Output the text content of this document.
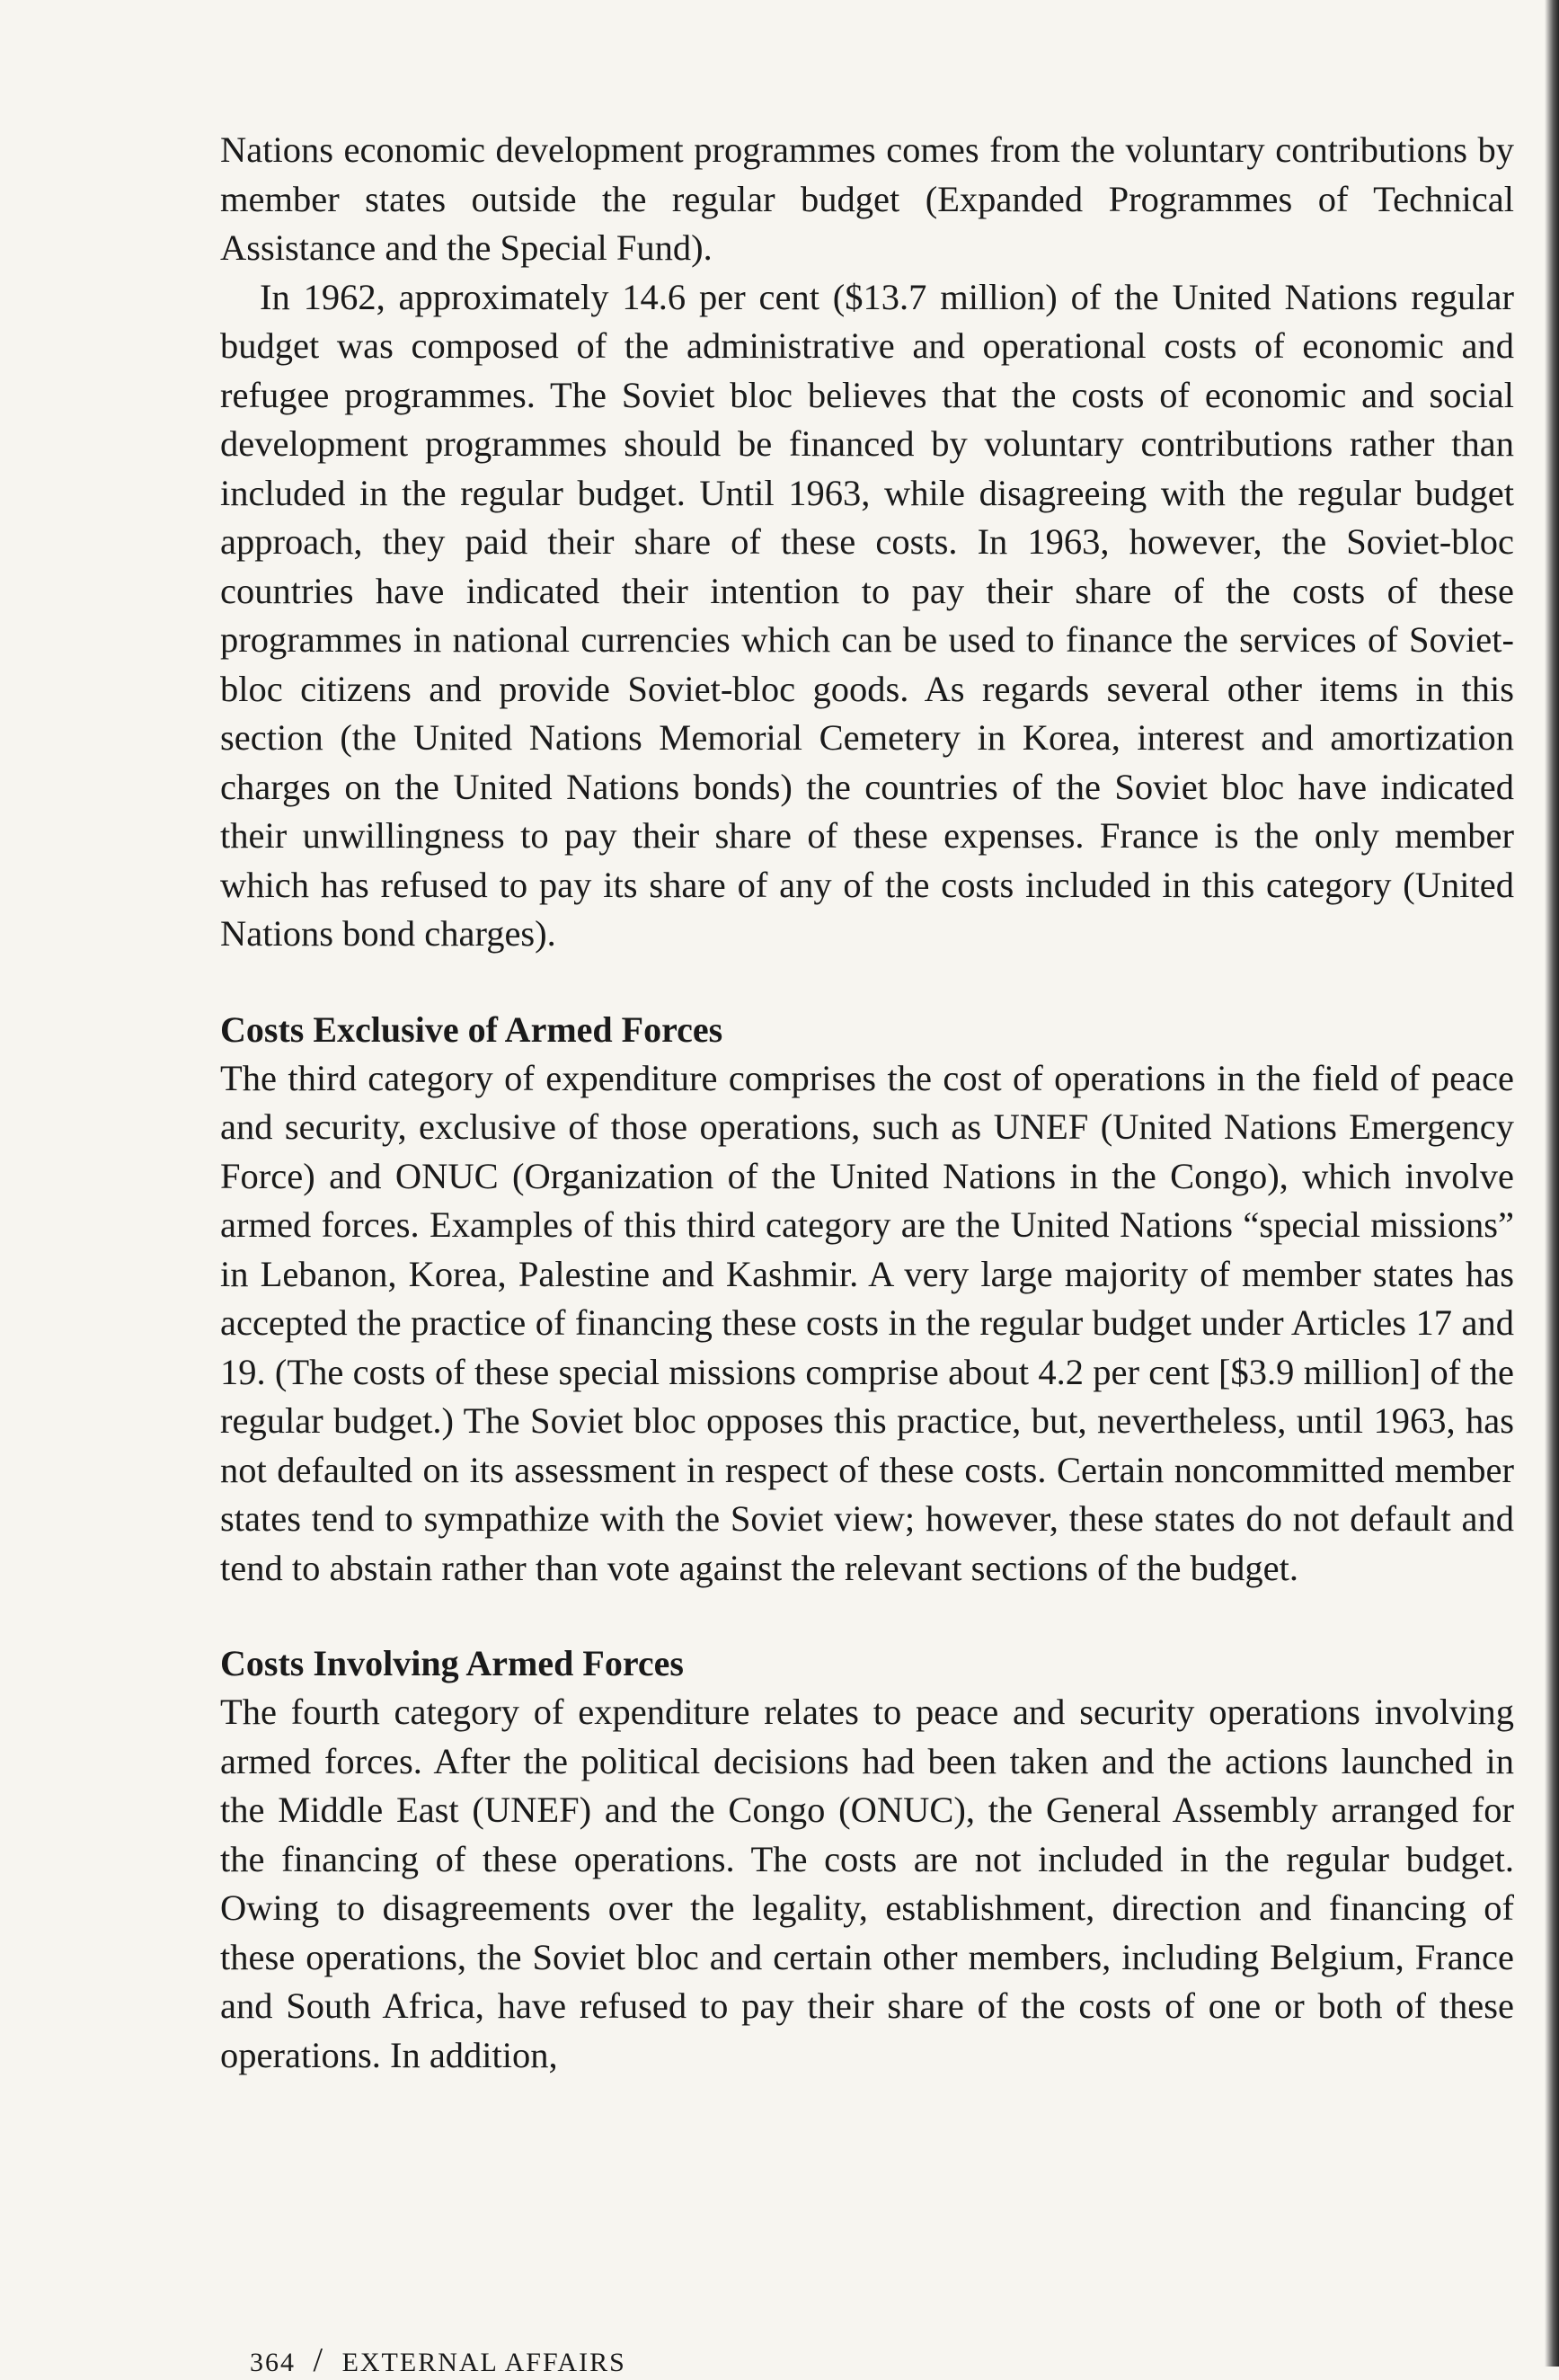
Nations economic development programmes comes from the voluntary contributions by member states outside the regular budget (Expanded Programmes of Technical Assistance and the Special Fund).

In 1962, approximately 14.6 per cent ($13.7 million) of the United Nations regular budget was composed of the administrative and operational costs of economic and refugee programmes. The Soviet bloc believes that the costs of economic and social development programmes should be financed by voluntary contributions rather than included in the regular budget. Until 1963, while disagreeing with the regular budget approach, they paid their share of these costs. In 1963, however, the Soviet-bloc countries have indicated their intention to pay their share of the costs of these programmes in national currencies which can be used to finance the services of Soviet-bloc citizens and provide Soviet-bloc goods. As regards several other items in this section (the United Nations Memorial Cemetery in Korea, interest and amortization charges on the United Nations bonds) the countries of the Soviet bloc have indicated their unwillingness to pay their share of these expenses. France is the only member which has refused to pay its share of any of the costs included in this category (United Nations bond charges).

Costs Exclusive of Armed Forces

The third category of expenditure comprises the cost of operations in the field of peace and security, exclusive of those operations, such as UNEF (United Nations Emergency Force) and ONUC (Organization of the United Nations in the Congo), which involve armed forces. Examples of this third category are the United Nations “special missions” in Lebanon, Korea, Palestine and Kashmir. A very large majority of member states has accepted the practice of financing these costs in the regular budget under Articles 17 and 19. (The costs of these special missions comprise about 4.2 per cent [$3.9 million] of the regular budget.) The Soviet bloc opposes this practice, but, nevertheless, until 1963, has not defaulted on its assessment in respect of these costs. Certain noncommitted member states tend to sympathize with the Soviet view; however, these states do not default and tend to abstain rather than vote against the relevant sections of the budget.

Costs Involving Armed Forces

The fourth category of expenditure relates to peace and security operations involving armed forces. After the political decisions had been taken and the actions launched in the Middle East (UNEF) and the Congo (ONUC), the General Assembly arranged for the financing of these operations. The costs are not included in the regular budget. Owing to disagreements over the legality, establishment, direction and financing of these operations, the Soviet bloc and certain other members, including Belgium, France and South Africa, have refused to pay their share of the costs of one or both of these operations. In addition,

364 / EXTERNAL AFFAIRS
